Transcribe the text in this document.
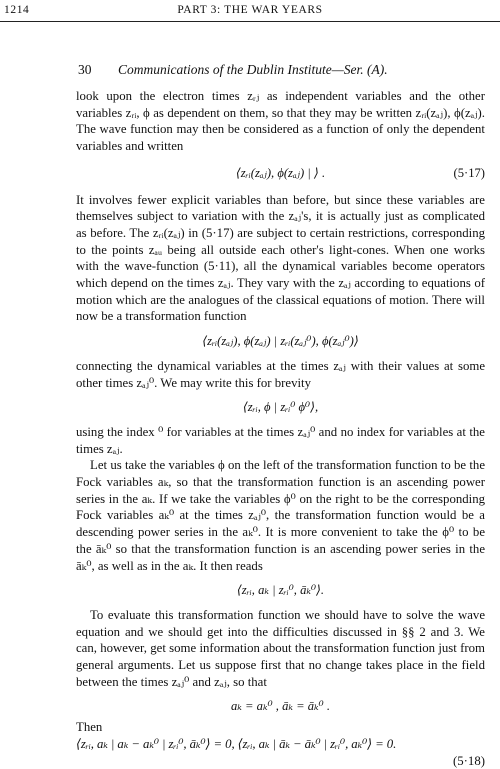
1214	PART 3: THE WAR YEARS
30 Communications of the Dublin Institute—Ser. (A).

look upon the electron times zᵣⱼ as independent variables and the other variables zᵣᵢ, ϕ as dependent on them, so that they may be written zᵣᵢ(zₐⱼ), ϕ(zₐⱼ). The wave function may then be considered as a function of only the dependent variables and written

⟨zᵣᵢ(zₐⱼ), ϕ(zₐⱼ) | ⟩ .	(5·17)

It involves fewer explicit variables than before, but since these variables are themselves subject to variation with the zₐⱼ's, it is actually just as complicated as before. The zᵣᵢ(zₐⱼ) in (5·17) are subject to certain restrictions, corresponding to the points zₐᵤ being all outside each other's light-cones. When one works with the wave-function (5·11), all the dynamical variables become operators which depend on the times zₐⱼ. They vary with the zₐⱼ according to equations of motion which are the analogues of the classical equations of motion. There will now be a transformation function

⟨zᵣᵢ(zₐⱼ), ϕ(zₐⱼ) | zᵣᵢ(zₐⱼ⁰), ϕ(zₐⱼ⁰)⟩

connecting the dynamical variables at the times zₐⱼ with their values at some other times zₐⱼ⁰. We may write this for brevity

⟨zᵣᵢ, ϕ | zᵣᵢ⁰ ϕ⁰⟩,

using the index ⁰ for variables at the times zₐⱼ⁰ and no index for variables at the times zₐⱼ.

Let us take the variables ϕ on the left of the transformation function to be the Fock variables aₖ, so that the transformation function is an ascending power series in the aₖ. If we take the variables ϕ⁰ on the right to be the corresponding Fock variables aₖ⁰ at the times zₐⱼ⁰, the transformation function would be a descending power series in the aₖ⁰. It is more convenient to take the ϕ⁰ to be the āₖ⁰ so that the transformation function is an ascending power series in the āₖ⁰, as well as in the aₖ. It then reads

⟨zᵣᵢ, aₖ | zᵣᵢ⁰, āₖ⁰⟩.

To evaluate this transformation function we should have to solve the wave equation and we should get into the difficulties discussed in §§ 2 and 3. We can, however, get some information about the transformation function just from general arguments. Let us suppose first that no change takes place in the field between the times zₐⱼ⁰ and zₐⱼ, so that

aₖ = aₖ⁰ , āₖ = āₖ⁰ .

Then

⟨zᵣᵢ, aₖ | aₖ − aₖ⁰ | zᵣᵢ⁰, āₖ⁰⟩ = 0, ⟨zᵣᵢ, aₖ | āₖ − āₖ⁰ | zᵣᵢ⁰, aₖ⁰⟩ = 0.
(5·18)
